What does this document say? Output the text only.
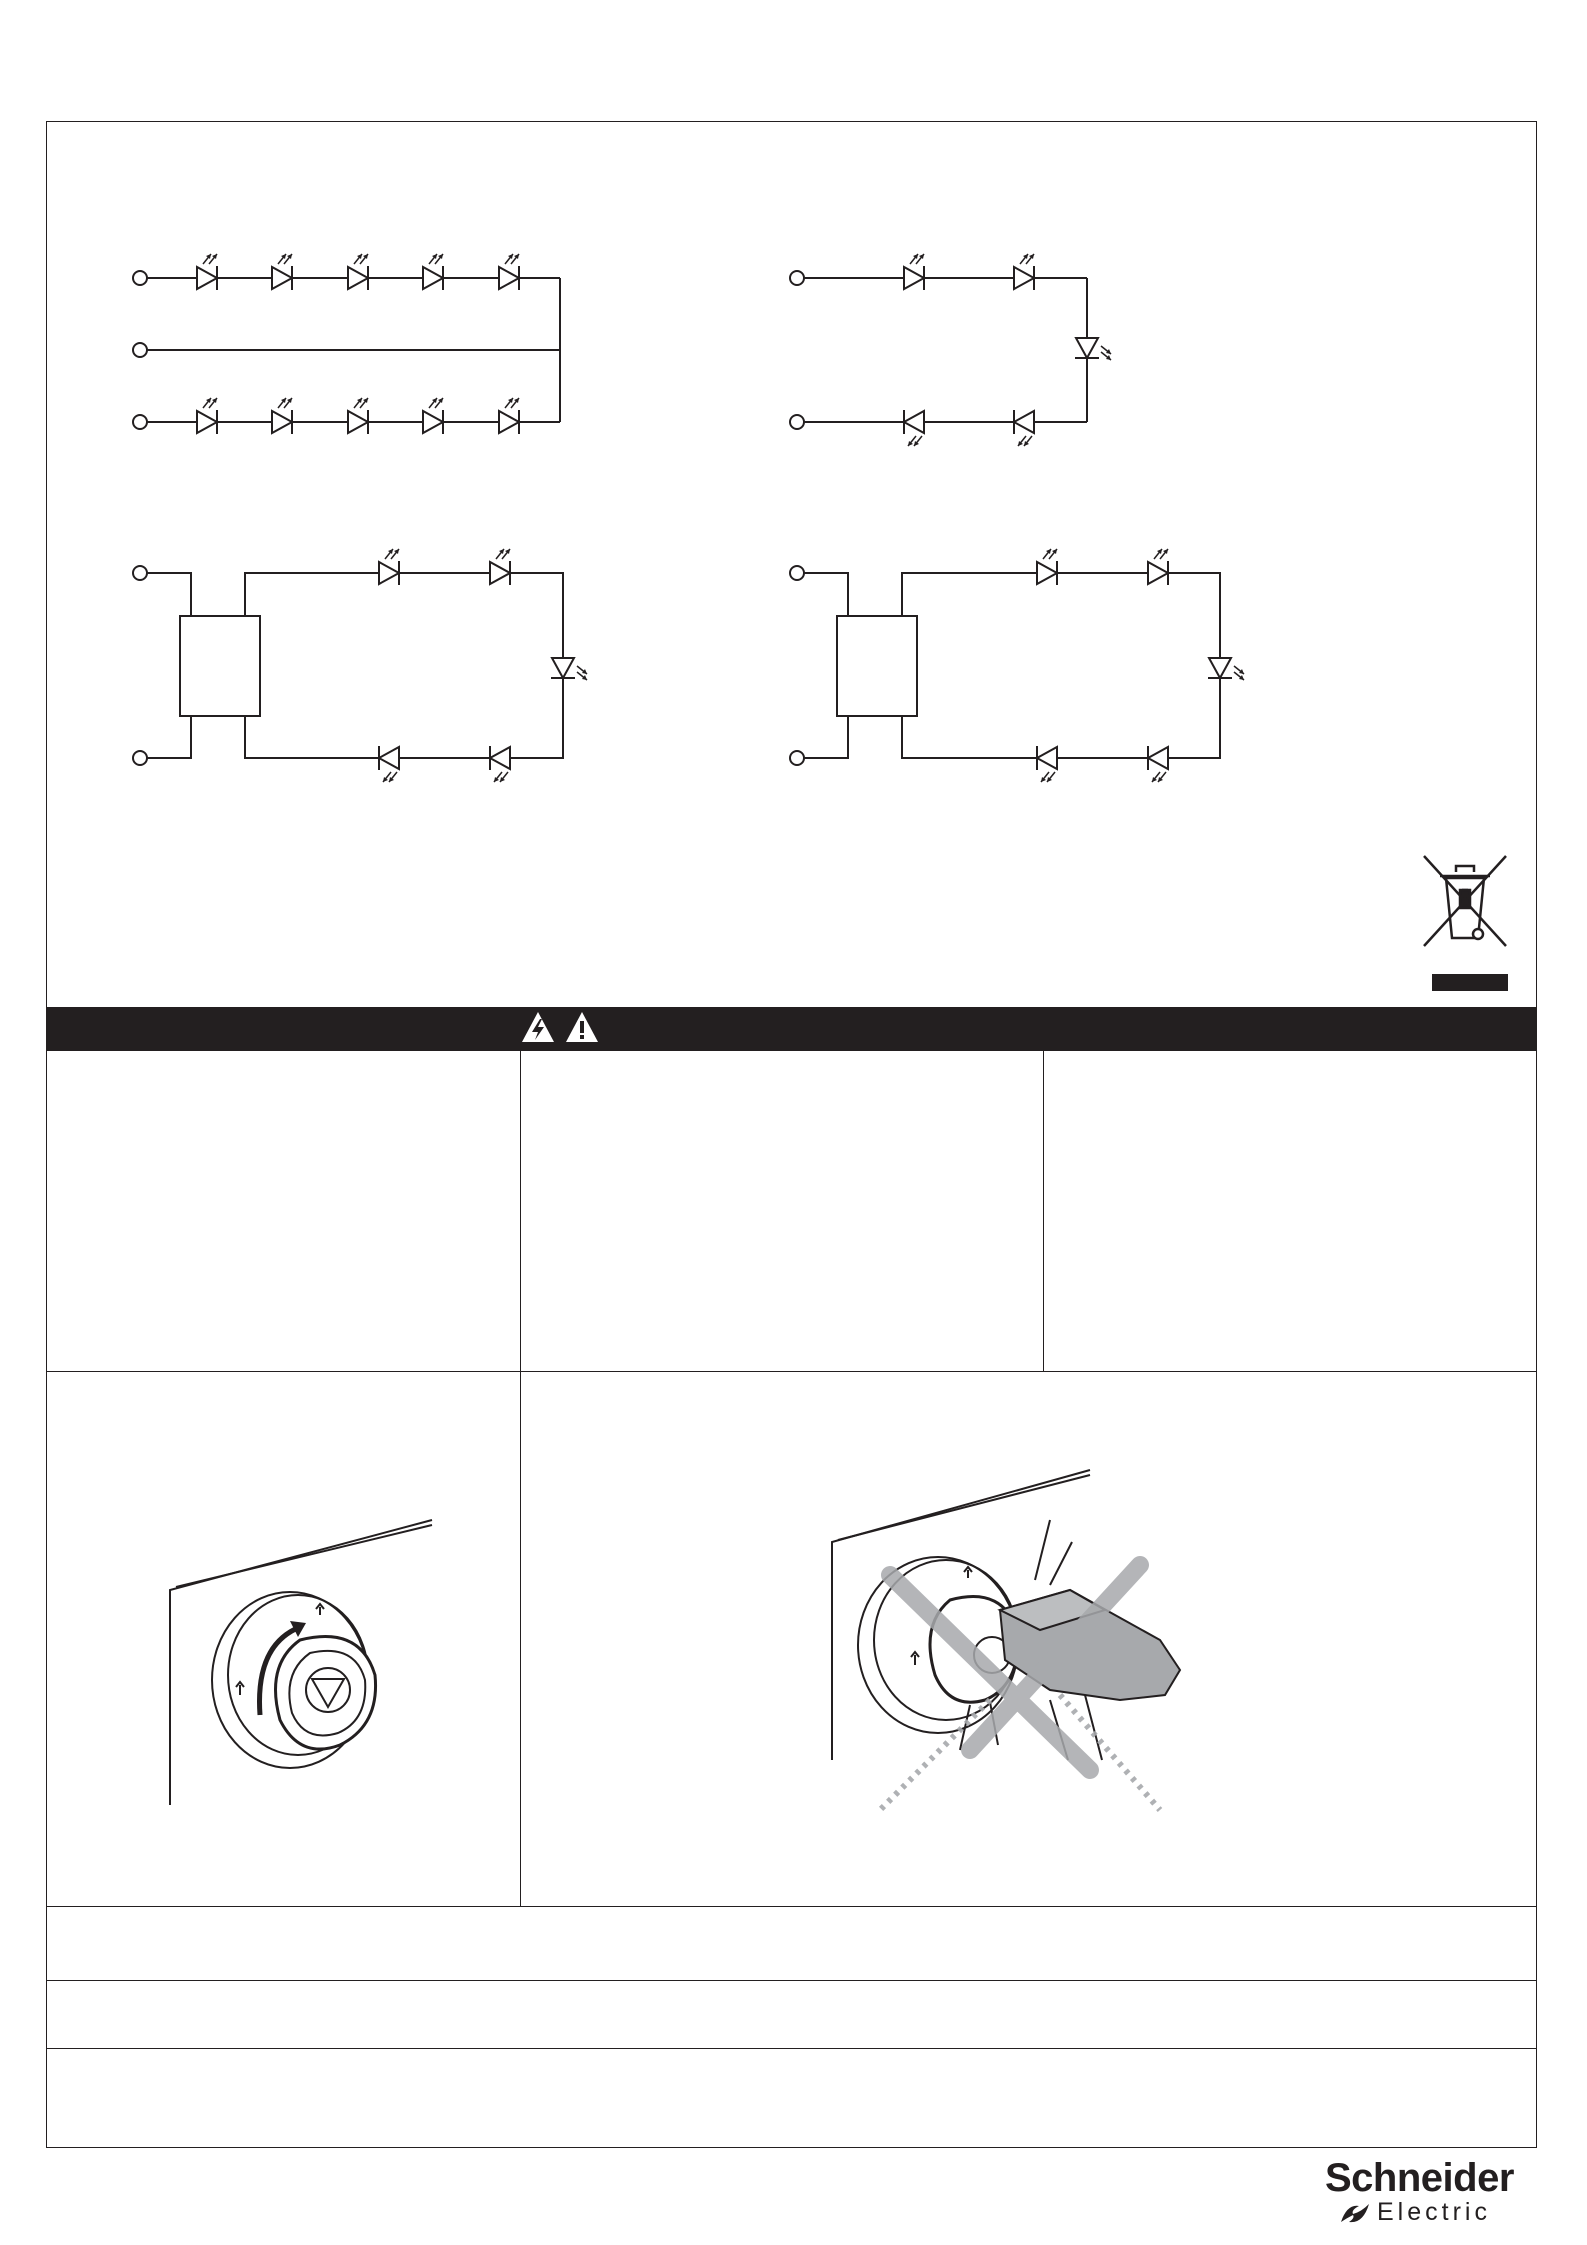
Schneider
Electric
